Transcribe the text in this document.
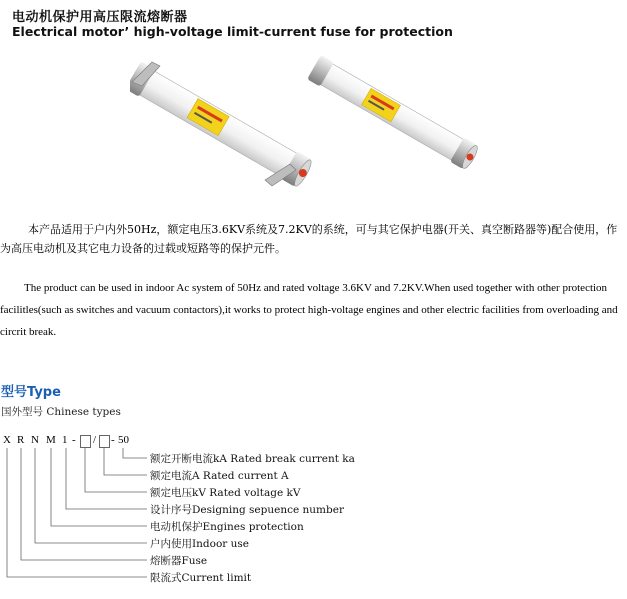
电动机保护用高压限流熔断器
Electrical motor’ high-voltage limit-current fuse for protection

本产品适用于户内外50Hz，额定电压3.6KV系统及7.2KV的系统，可与其它保护电器(开关、真空断路器等)配合使用，作为高压电动机及其它电力设备的过载或短路等的保护元件。

The product can be used in indoor Ac system of 50Hz and rated voltage 3.6KV and 7.2KV.When used together with other protection facilitles(such as switches and vacuum contactors),it works to protect high-voltage engines and other electric facilities from overloading and circrit break.

型号Type
国外型号 Chinese types
X R N M 1 - / - 50
额定开断电流kA Rated break current ka
额定电流A Rated current A
额定电压kV Rated voltage kV
设计序号Designing sepuence number
电动机保护Engines protection
户内使用Indoor use
熔断器Fuse
限流式Current limit
